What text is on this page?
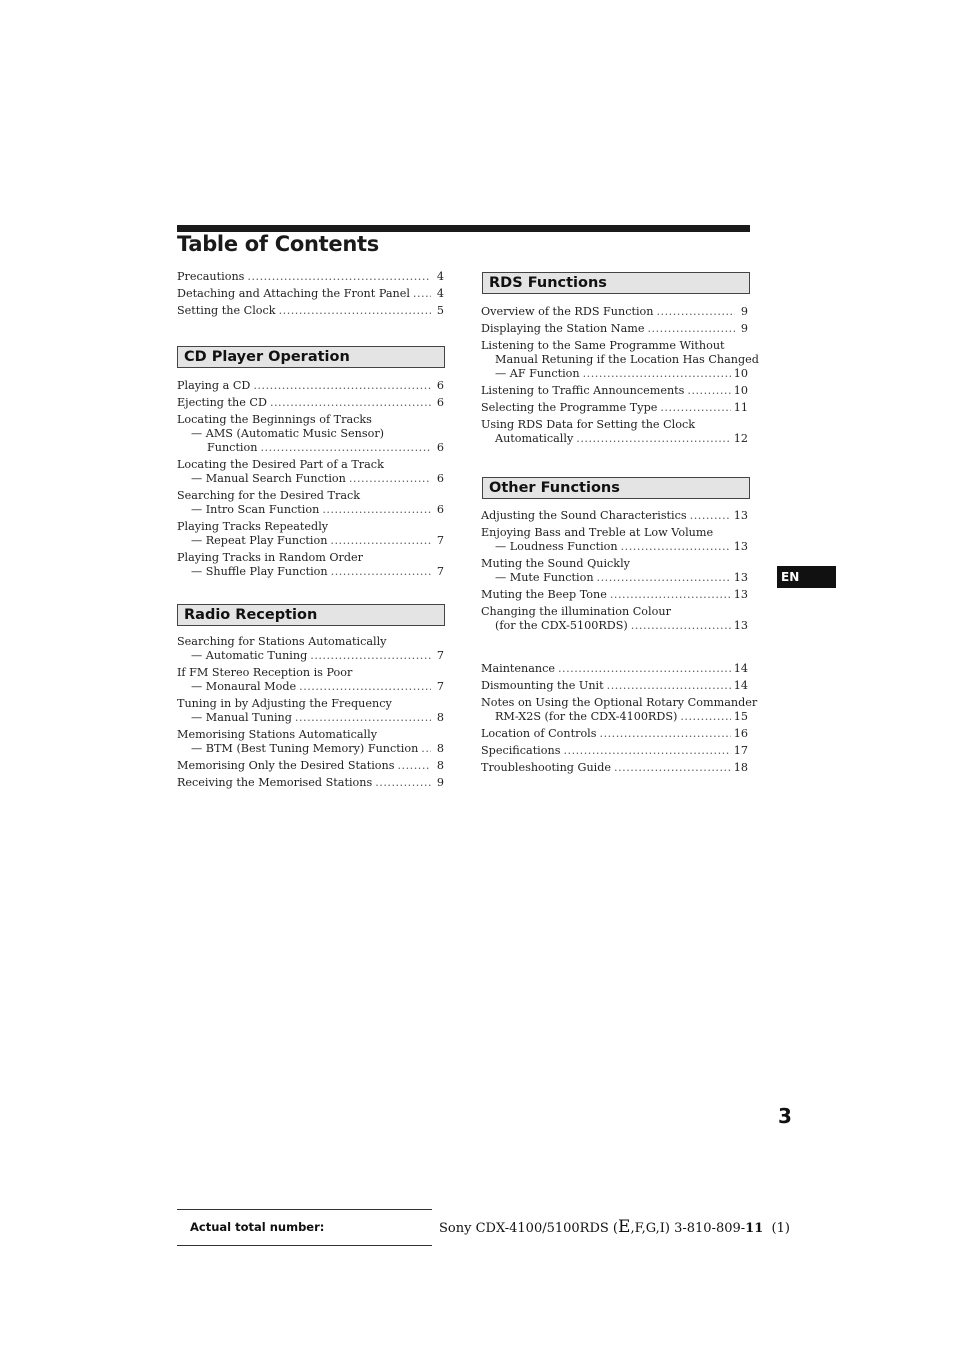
Table of Contents
Precautions .....	4
Detaching and Attaching the Front Panel ..... 4
Setting the Clock .....	5
CD Player Operation
Playing a CD .....	6
Ejecting the CD .....	6
Locating the Beginnings of Tracks
— AMS (Automatic Music Sensor)
Function .....	6
Locating the Desired Part of a Track
— Manual Search Function .....	6
Searching for the Desired Track
— Intro Scan Function .....	6
Playing Tracks Repeatedly
— Repeat Play Function .....	7
Playing Tracks in Random Order
— Shuffle Play Function .....	7
Radio Reception
Searching for Stations Automatically
— Automatic Tuning .....	7
If FM Stereo Reception is Poor
— Monaural Mode .....	7
Tuning in by Adjusting the Frequency
— Manual Tuning .....	8
Memorising Stations Automatically
— BTM (Best Tuning Memory) Function ..... 8
Memorising Only the Desired Stations .....	8
Receiving the Memorised Stations .....	9
RDS Functions
Overview of the RDS Function .....	9
Displaying the Station Name .....	9
Listening to the Same Programme Without
Manual Retuning if the Location Has Changed
— AF Function .....	10
Listening to Traffic Announcements .....	10
Selecting the Programme Type .....	11
Using RDS Data for Setting the Clock
Automatically .....	12
Other Functions
Adjusting the Sound Characteristics .....	13
Enjoying Bass and Treble at Low Volume
— Loudness Function .....	13
Muting the Sound Quickly
— Mute Function .....	13
Muting the Beep Tone .....	13
Changing the illumination Colour
(for the CDX-5100RDS) .....	13
Maintenance .....	14
Dismounting the Unit .....	14
Notes on Using the Optional Rotary Commander
RM-X2S (for the CDX-4100RDS) .....	15
Location of Controls .....	16
Specifications .....	17
Troubleshooting Guide .....	18
EN
3
Actual total number:	Sony CDX-4100/5100RDS (E,F,G,I) 3-810-809-11  (1)
